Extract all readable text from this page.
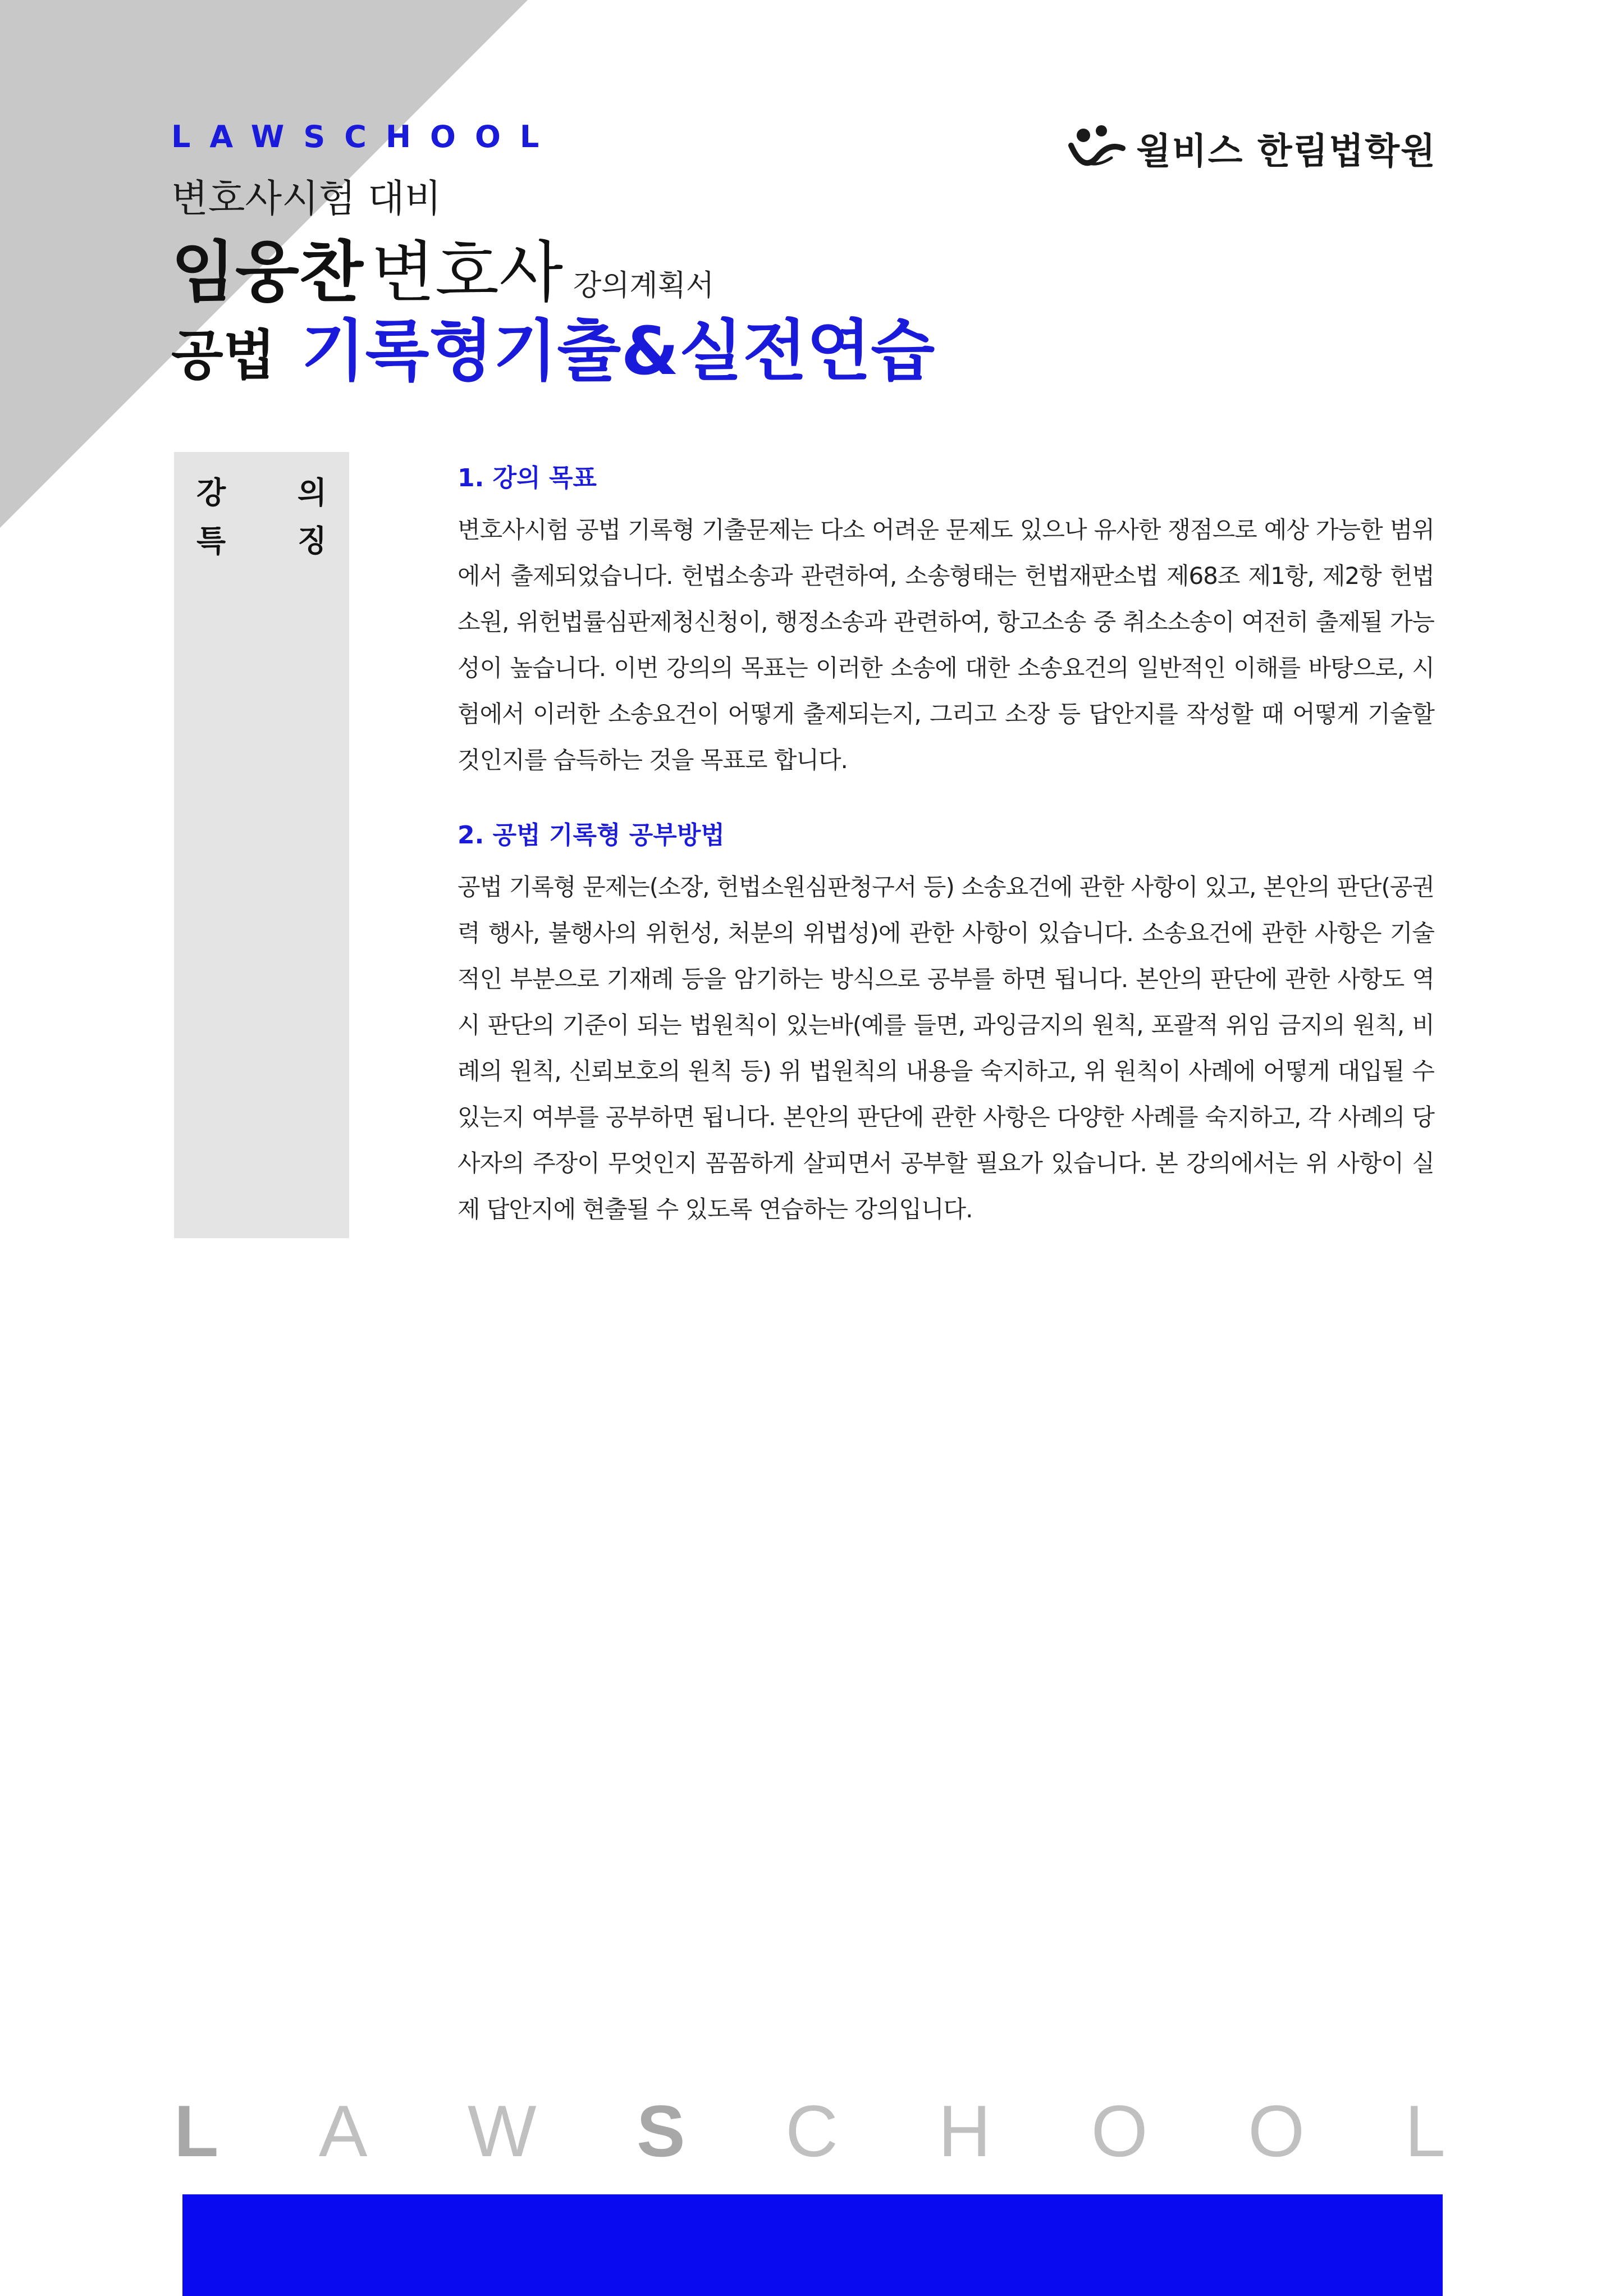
LAWSCHOOL	윌비스 한림법학원
변호사시험 대비
임웅찬 변호사 강의계획서
공법 기록형기출&실전연습
강 의
특 징
1. 강의 목표

변호사시험 공법 기록형 기출문제는 다소 어려운 문제도 있으나 유사한 쟁점으로 예상 가능한 범위에서 출제되었습니다. 헌법소송과 관련하여, 소송형태는 헌법재판소법 제68조 제1항, 제2항 헌법소원, 위헌법률심판제청신청이, 행정소송과 관련하여, 항고소송 중 취소소송이 여전히 출제될 가능성이 높습니다. 이번 강의의 목표는 이러한 소송에 대한 소송요건의 일반적인 이해를 바탕으로, 시험에서 이러한 소송요건이 어떻게 출제되는지, 그리고 소장 등 답안지를 작성할 때 어떻게 기술할 것인지를 습득하는 것을 목표로 합니다.

2. 공법 기록형 공부방법

공법 기록형 문제는(소장, 헌법소원심판청구서 등) 소송요건에 관한 사항이 있고, 본안의 판단(공권력 행사, 불행사의 위헌성, 처분의 위법성)에 관한 사항이 있습니다. 소송요건에 관한 사항은 기술적인 부분으로 기재례 등을 암기하는 방식으로 공부를 하면 됩니다. 본안의 판단에 관한 사항도 역시 판단의 기준이 되는 법원칙이 있는바(예를 들면, 과잉금지의 원칙, 포괄적 위임 금지의 원칙, 비례의 원칙, 신뢰보호의 원칙 등) 위 법원칙의 내용을 숙지하고, 위 원칙이 사례에 어떻게 대입될 수 있는지 여부를 공부하면 됩니다. 본안의 판단에 관한 사항은 다양한 사례를 숙지하고, 각 사례의 당사자의 주장이 무엇인지 꼼꼼하게 살피면서 공부할 필요가 있습니다. 본 강의에서는 위 사항이 실제 답안지에 현출될 수 있도록 연습하는 강의입니다.

L A W S C H O O L
